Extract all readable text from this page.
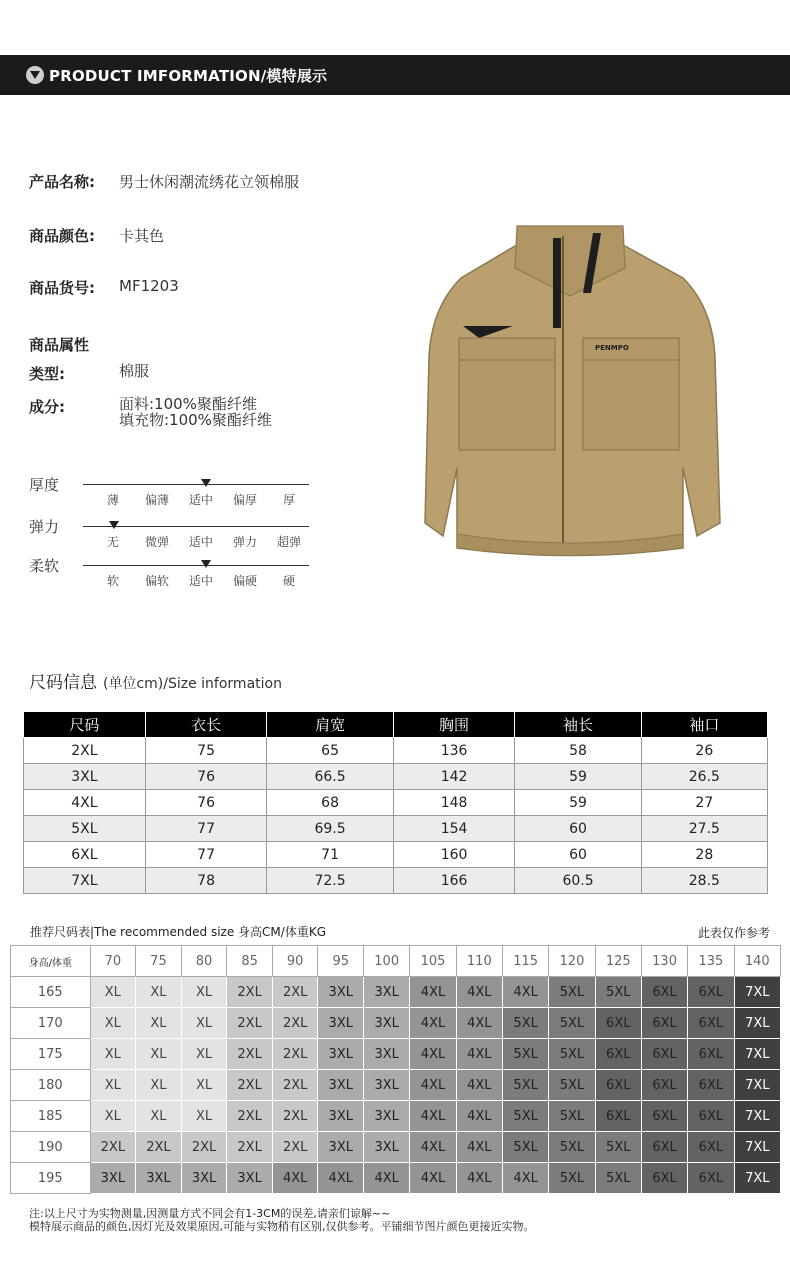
PRODUCT IMFORMATION/模特展示
产品名称:	男士休闲潮流绣花立领棉服
商品颜色:	卡其色
商品货号:	MF1203
商品属性
类型:	棉服
成分:	面料:100%聚酯纤维
填充物:100%聚酯纤维
厚度
薄	偏薄	适中	偏厚	厚
弹力
无	微弹	适中	弹力	超弹
柔软
软	偏软	适中	偏硬	硬
PENMPO
尺码信息 (单位cm)/Size information
尺码	衣长	肩宽	胸围	袖长	袖口
2XL	75	65	136	58	26
3XL	76	66.5	142	59	26.5
4XL	76	68	148	59	27
5XL	77	69.5	154	60	27.5
6XL	77	71	160	60	28
7XL	78	72.5	166	60.5	28.5
推荐尺码表|The recommended size 身高CM/体重KG	此表仅作参考
身高/体重	70	75	80	85	90	95	100	105	110	115	120	125	130	135	140
165	XL	XL	XL	2XL	2XL	3XL	3XL	4XL	4XL	4XL	5XL	5XL	6XL	6XL	7XL
170	XL	XL	XL	2XL	2XL	3XL	3XL	4XL	4XL	5XL	5XL	6XL	6XL	6XL	7XL
175	XL	XL	XL	2XL	2XL	3XL	3XL	4XL	4XL	5XL	5XL	6XL	6XL	6XL	7XL
180	XL	XL	XL	2XL	2XL	3XL	3XL	4XL	4XL	5XL	5XL	6XL	6XL	6XL	7XL
185	XL	XL	XL	2XL	2XL	3XL	3XL	4XL	4XL	5XL	5XL	6XL	6XL	6XL	7XL
190	2XL	2XL	2XL	2XL	2XL	3XL	3XL	4XL	4XL	5XL	5XL	5XL	6XL	6XL	7XL
195	3XL	3XL	3XL	3XL	4XL	4XL	4XL	4XL	4XL	4XL	5XL	5XL	6XL	6XL	7XL
注:以上尺寸为实物测量,因测量方式不同会有1-3CM的误差,请亲们谅解~~
模特展示商品的颜色,因灯光及效果原因,可能与实物稍有区别,仅供参考。平铺细节图片颜色更接近实物。
